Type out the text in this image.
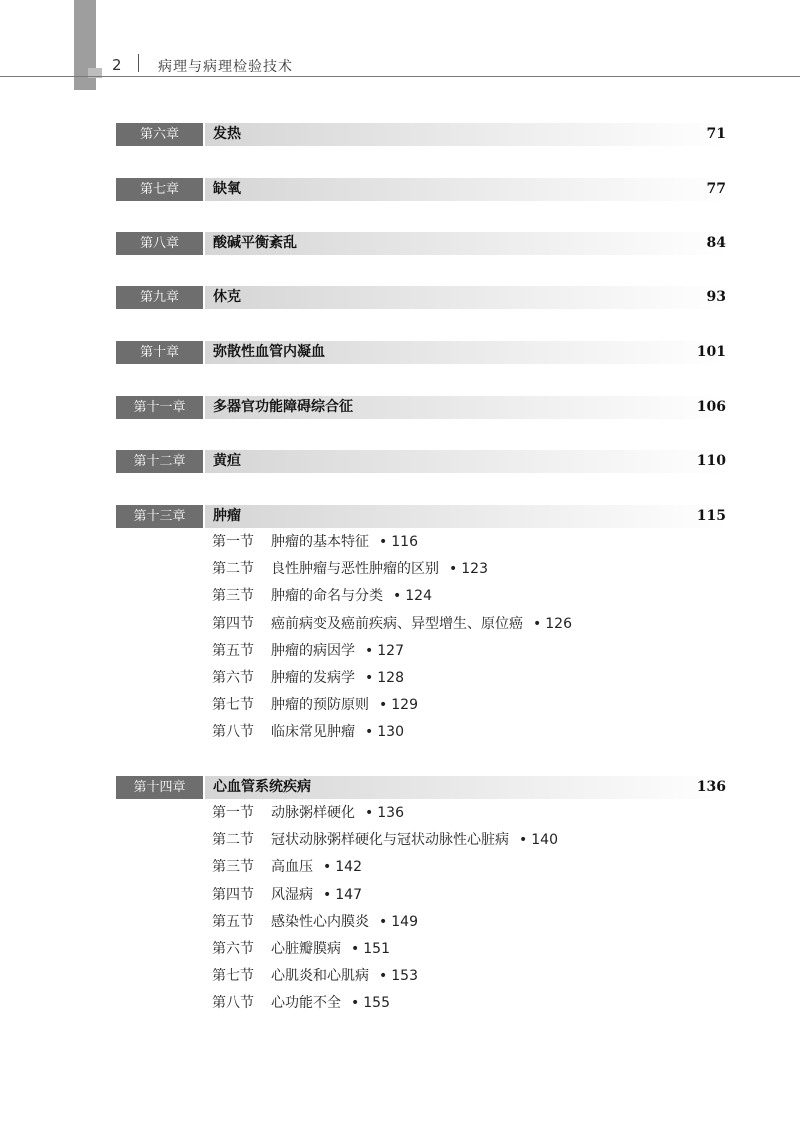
2	病理与病理检验技术
第六章	发热	71
第七章	缺氧	77
第八章	酸碱平衡紊乱	84
第九章	休克	93
第十章	弥散性血管内凝血	101
第十一章	多器官功能障碍综合征	106
第十二章	黄疸	110
第十三章	肿瘤	115
第一节 肿瘤的基本特征 • 116
第二节 良性肿瘤与恶性肿瘤的区别 • 123
第三节 肿瘤的命名与分类 • 124
第四节 癌前病变及癌前疾病、异型增生、原位癌 • 126
第五节 肿瘤的病因学 • 127
第六节 肿瘤的发病学 • 128
第七节 肿瘤的预防原则 • 129
第八节 临床常见肿瘤 • 130
第十四章	心血管系统疾病	136
第一节 动脉粥样硬化 • 136
第二节 冠状动脉粥样硬化与冠状动脉性心脏病 • 140
第三节 高血压 • 142
第四节 风湿病 • 147
第五节 感染性心内膜炎 • 149
第六节 心脏瓣膜病 • 151
第七节 心肌炎和心肌病 • 153
第八节 心功能不全 • 155
